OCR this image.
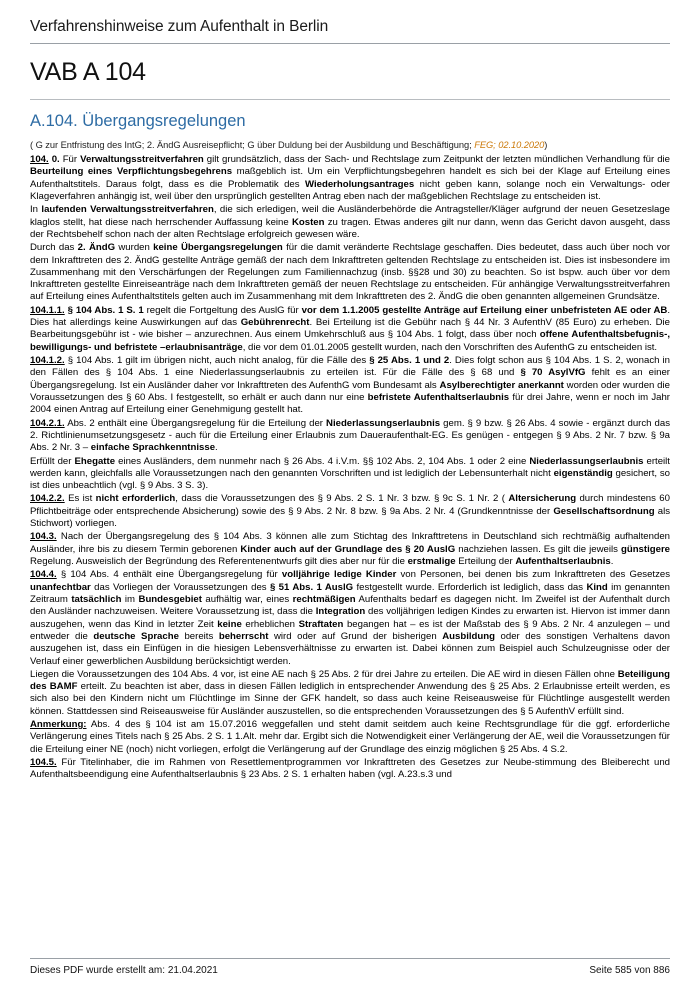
Verfahrenshinweise zum Aufenthalt in Berlin
VAB A 104
A.104. Übergangsregelungen
( G zur Entfristung des IntG; 2. ÄndG Ausreisepflicht; G über Duldung bei der Ausbildung und Beschäftigung; FEG; 02.10.2020)

104. 0. Für Verwaltungsstreitverfahren gilt grundsätzlich, dass der Sach- und Rechtslage zum Zeitpunkt der letzten mündlichen Verhandlung für die Beurteilung eines Verpflichtungsbegehrens maßgeblich ist. Um ein Verpflichtungsbegehren handelt es sich bei der Klage auf Erteilung eines Aufenthaltstitels. Daraus folgt, dass es die Problematik des Wiederholungsantrages nicht geben kann, solange noch ein Verwaltungs- oder Klageverfahren anhängig ist, weil über den ursprünglich gestellten Antrag eben nach der maßgeblichen Rechtslage zu entscheiden ist.

In laufenden Verwaltungsstreitverfahren, die sich erledigen, weil die Ausländerbehörde die Antragsteller/Kläger aufgrund der neuen Gesetzeslage klaglos stellt, hat diese nach herrschender Auffassung keine Kosten zu tragen. Etwas anderes gilt nur dann, wenn das Gericht davon ausgeht, dass der Rechtsbehelf schon nach der alten Rechtslage erfolgreich gewesen wäre.

Durch das 2. ÄndG wurden keine Übergangsregelungen für die damit veränderte Rechtslage geschaffen. Dies bedeutet, dass auch über noch vor dem Inkrafttreten des 2. ÄndG gestellte Anträge gemäß der nach dem Inkrafttreten geltenden Rechtslage zu entscheiden ist. Dies ist insbesondere im Zusammenhang mit den Verschärfungen der Regelungen zum Familiennachzug (insb. §§28 und 30) zu beachten. So ist bspw. auch über vor dem Inkrafttreten gestellte Einreiseanträge nach dem Inkrafttreten gemäß der neuen Rechtslage zu entscheiden. Für anhängige Verwaltungsstreitverfahren auf Erteilung eines Aufenthaltstitels gelten auch im Zusammenhang mit dem Inkrafttreten des 2. ÄndG die oben genannten allgemeinen Grundsätze.

104.1.1. § 104 Abs. 1 S. 1 regelt die Fortgeltung des AuslG für vor dem 1.1.2005 gestellte Anträge auf Erteilung einer unbefristeten AE oder AB. Dies hat allerdings keine Auswirkungen auf das Gebührenrecht. Bei Erteilung ist die Gebühr nach § 44 Nr. 3 AufenthV (85 Euro) zu erheben. Die Bearbeitungsgebühr ist - wie bisher – anzurechnen. Aus einem Umkehrschluß aus § 104 Abs. 1 folgt, dass über noch offene Aufenthaltsbefugnis-, bewilligungs- und befristete –erlaubnisanträge, die vor dem 01.01.2005 gestellt wurden, nach den Vorschriften des AufenthG zu entscheiden ist.

104.1.2. § 104 Abs. 1 gilt im übrigen nicht, auch nicht analog, für die Fälle des § 25 Abs. 1 und 2. Dies folgt schon aus § 104 Abs. 1 S. 2, wonach in den Fällen des § 104 Abs. 1 eine Niederlassungserlaubnis zu erteilen ist. Für die Fälle des § 68 und § 70 AsylVfG fehlt es an einer Übergangsregelung. Ist ein Ausländer daher vor Inkrafttreten des AufenthG vom Bundesamt als Asylberechtigter anerkannt worden oder wurden die Voraussetzungen des § 60 Abs. I festgestellt, so erhält er auch dann nur eine befristete Aufenthaltserlaubnis für drei Jahre, wenn er noch im Jahr 2004 einen Antrag auf Erteilung einer Genehmigung gestellt hat.

104.2.1. Abs. 2 enthält eine Übergangsregelung für die Erteilung der Niederlassungserlaubnis gem. § 9 bzw. § 26 Abs. 4 sowie - ergänzt durch das 2. Richtlinienumsetzungsgesetz - auch für die Erteilung einer Erlaubnis zum Daueraufenthalt-EG. Es genügen - entgegen § 9 Abs. 2 Nr. 7 bzw. § 9a Abs. 2 Nr. 3 – einfache Sprachkenntnisse.

Erfüllt der Ehegatte eines Ausländers, dem nunmehr nach § 26 Abs. 4 i.V.m. §§ 102 Abs. 2, 104 Abs. 1 oder 2 eine Niederlassungserlaubnis erteilt werden kann, gleichfalls alle Voraussetzungen nach den genannten Vorschriften und ist lediglich der Lebensunterhalt nicht eigenständig gesichert, so ist dies unbeachtlich (vgl. § 9 Abs. 3 S. 3).

104.2.2. Es ist nicht erforderlich, dass die Voraussetzungen des § 9 Abs. 2 S. 1 Nr. 3 bzw. § 9c S. 1 Nr. 2 ( Altersicherung durch mindestens 60 Pflichtbeiträge oder entsprechende Absicherung) sowie des § 9 Abs. 2 Nr. 8 bzw. § 9a Abs. 2 Nr. 4 (Grundkenntnisse der Gesellschaftsordnung als Stichwort) vorliegen.

104.3. Nach der Übergangsregelung des § 104 Abs. 3 können alle zum Stichtag des Inkrafttretens in Deutschland sich rechtmäßig aufhaltenden Ausländer, ihre bis zu diesem Termin geborenen Kinder auch auf der Grundlage des § 20 AuslG nachziehen lassen. Es gilt die jeweils günstigere Regelung. Ausweislich der Begründung des Referentenentwurfs gilt dies aber nur für die erstmalige Erteilung der Aufenthaltserlaubnis.

104.4. § 104 Abs. 4 enthält eine Übergangsregelung für volljährige ledige Kinder von Personen, bei denen bis zum Inkrafttreten des Gesetzes unanfechtbar das Vorliegen der Voraussetzungen des § 51 Abs. 1 AuslG festgestellt wurde. Erforderlich ist lediglich, dass das Kind im genannten Zeitraum tatsächlich im Bundesgebiet aufhältig war, eines rechtmäßigen Aufenthalts bedarf es dagegen nicht. Im Zweifel ist der Aufenthalt durch den Ausländer nachzuweisen. Weitere Voraussetzung ist, dass die Integration des volljährigen ledigen Kindes zu erwarten ist. Hiervon ist immer dann auszugehen, wenn das Kind in letzter Zeit keine erheblichen Straftaten begangen hat – es ist der Maßstab des § 9 Abs. 2 Nr. 4 anzulegen – und entweder die deutsche Sprache bereits beherrscht wird oder auf Grund der bisherigen Ausbildung oder des sonstigen Verhaltens davon auszugehen ist, dass ein Einfügen in die hiesigen Lebensverhältnisse zu erwarten ist. Dabei können zum Beispiel auch Schulzeugnisse oder der Verlauf einer gewerblichen Ausbildung berücksichtigt werden.

Liegen die Voraussetzungen des 104 Abs. 4 vor, ist eine AE nach § 25 Abs. 2 für drei Jahre zu erteilen. Die AE wird in diesen Fällen ohne Beteiligung des BAMF erteilt. Zu beachten ist aber, dass in diesen Fällen lediglich in entsprechender Anwendung des § 25 Abs. 2 Erlaubnisse erteilt werden, es sich also bei den Kindern nicht um Flüchtlinge im Sinne der GFK handelt, so dass auch keine Reiseausweise für Flüchtlinge ausgestellt werden können. Stattdessen sind Reiseausweise für Ausländer auszustellen, so die entsprechenden Voraussetzungen des § 5 AufenthV erfüllt sind.

Anmerkung: Abs. 4 des § 104 ist am 15.07.2016 weggefallen und steht damit seitdem auch keine Rechtsgrundlage für die ggf. erforderliche Verlängerung eines Titels nach § 25 Abs. 2 S. 1 1.Alt. mehr dar. Ergibt sich die Notwendigkeit einer Verlängerung der AE, weil die Voraussetzungen für die Erteilung einer NE (noch) nicht vorliegen, erfolgt die Verlängerung auf der Grundlage des einzig möglichen § 25 Abs. 4 S.2.

104.5. Für Titelinhaber, die im Rahmen von Resettlementprogrammen vor Inkrafttreten des Gesetzes zur Neube-stimmung des Bleiberecht und Aufenthaltsbeendigung eine Aufenthaltserlaubnis § 23 Abs. 2 S. 1 erhalten haben (vgl. A.23.s.3 und

Dieses PDF wurde erstellt am: 21.04.2021	Seite 585 von 886
